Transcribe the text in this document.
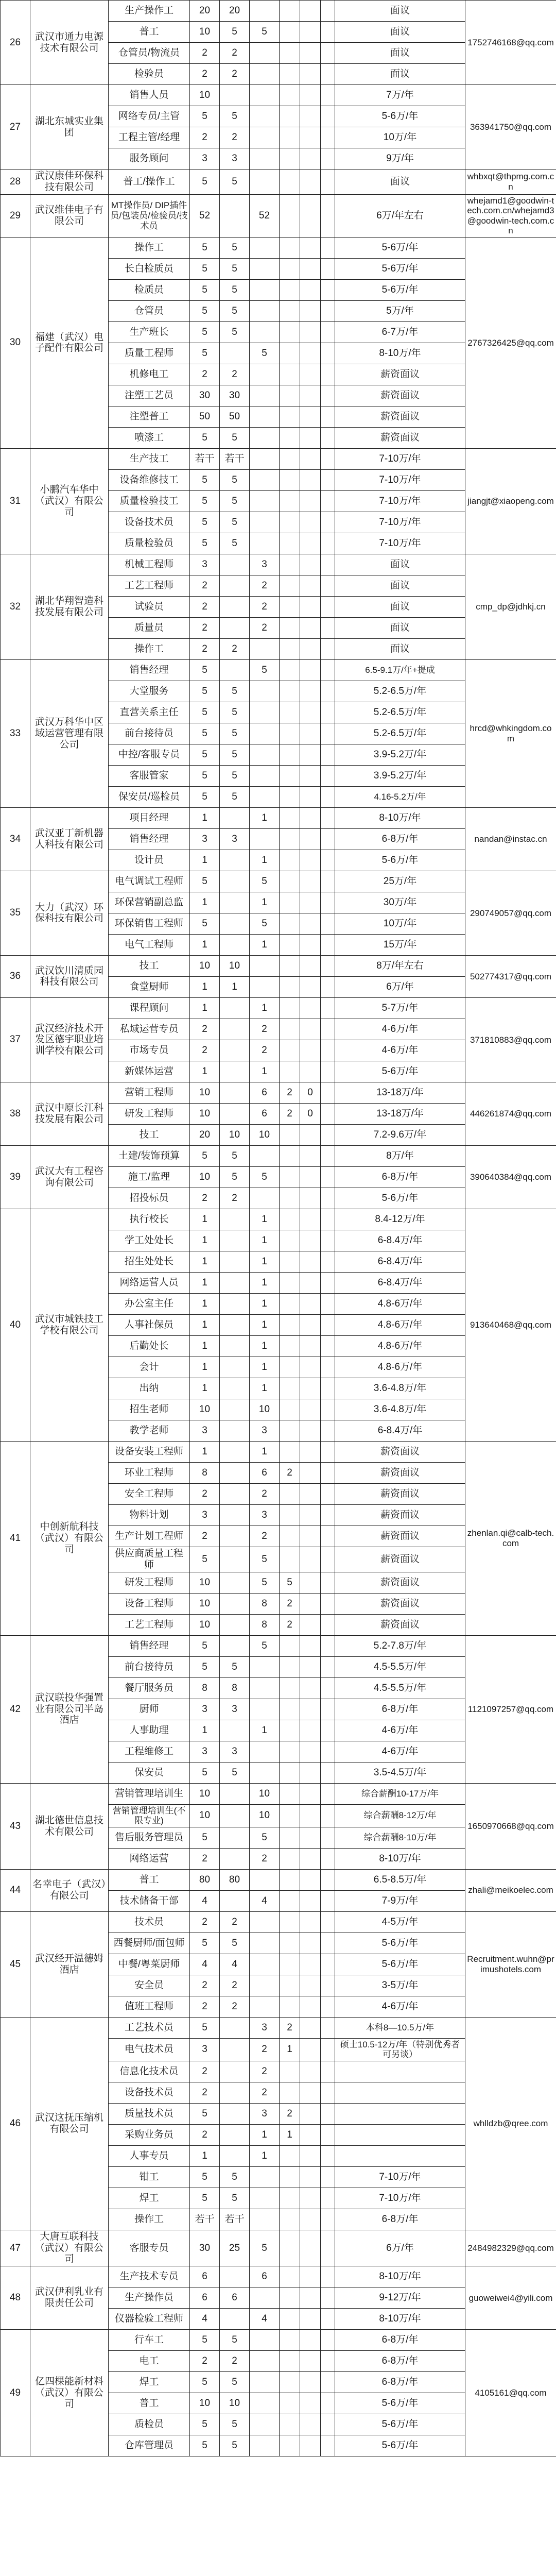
26	武汉市通力电源技术有限公司	生产操作工	20	20					面议	1752746168@qq.com
		普工	10	5	5				面议	
		仓管员/物流员	2	2					面议	
		检验员	2	2					面议	
27	湖北东城实业集团	销售人员	10						7万/年	363941750@qq.com
		网络专员/主管	5	5					5-6万/年	
		工程主管/经理	2	2					10万/年	
		服务顾问	3	3					9万/年	
28	武汉康佳环保科技有限公司	普工/操作工	5	5					面议	whbxqt@thpmg.com.cn
29	武汉维佳电子有限公司	MT操作员/ DIP插件员/包装员/检验员/技术员	52		52				6万/年左右	whejamd1@goodwin-tech.com.cn/whejamd3@goodwin-tech.com.cn
30	福建（武汉）电子配件有限公司	操作工	5	5					5-6万/年	2767326425@qq.com
		长白检质员	5	5					5-6万/年	
		检质员	5	5					5-6万/年	
		仓管员	5	5					5万/年	
		生产班长	5	5					6-7万/年	
		质量工程师	5		5				8-10万/年	
		机修电工	2	2					薪资面议	
		注塑工艺员	30	30					薪资面议	
		注塑普工	50	50					薪资面议	
		喷漆工	5	5					薪资面议	
31	小鹏汽车华中（武汉）有限公司	生产技工	若干	若干					7-10万/年	jiangjt@xiaopeng.com
		设备维修技工	5	5					7-10万/年	
		质量检验技工	5	5					7-10万/年	
		设备技术员	5	5					7-10万/年	
		质量检验员	5	5					7-10万/年	
32	湖北华翔智造科技发展有限公司	机械工程师	3		3				面议	cmp_dp@jdhkj.cn
		工艺工程师	2		2				面议	
		试验员	2		2				面议	
		质量员	2		2				面议	
		操作工	2	2					面议	
33	武汉万科华中区域运营管理有限公司	销售经理	5		5				6.5-9.1万/年+提成	hrcd@whkingdom.com
		大堂服务	5	5					5.2-6.5万/年	
		直营关系主任	5	5					5.2-6.5万/年	
		前台接待员	5	5					5.2-6.5万/年	
		中控/客服专员	5	5					3.9-5.2万/年	
		客服管家	5	5					3.9-5.2万/年	
		保安员/巡检员	5	5					4.16-5.2万/年	
34	武汉亚丁新机器人科技有限公司	项目经理	1		1				8-10万/年	nandan@instac.cn
		销售经理	3	3					6-8万/年	
		设计员	1		1				5-6万/年	
35	大力（武汉）环保科技有限公司	电气调试工程师	5		5				25万/年	290749057@qq.com
		环保营销副总监	1		1				30万/年	
		环保销售工程师	5		5				10万/年	
		电气工程师	1		1				15万/年	
36	武汉饮川清质园科技有限公司	技工	10	10					8万/年左右	502774317@qq.com
		食堂厨师	1	1					6万/年	
37	武汉经济技术开发区德宇职业培训学校有限公司	课程顾问	1		1				5-7万/年	371810883@qq.com
		私域运营专员	2		2				4-6万/年	
		市场专员	2		2				4-6万/年	
		新媒体运营	1		1				5-6万/年	
38	武汉中原长江科技发展有限公司	营销工程师	10		6	2	0		13-18万/年	446261874@qq.com
		研发工程师	10		6	2	0		13-18万/年	
		技工	20	10	10				7.2-9.6万/年	
39	武汉大有工程咨询有限公司	土建/装饰预算	5	5					8万/年	390640384@qq.com
		施工/监理	10	5	5				6-8万/年	
		招投标员	2	2					5-6万/年	
40	武汉市城铁技工学校有限公司	执行校长	1		1				8.4-12万/年	913640468@qq.com
		学工处处长	1		1				6-8.4万/年	
		招生处处长	1		1				6-8.4万/年	
		网络运营人员	1		1				6-8.4万/年	
		办公室主任	1		1				4.8-6万/年	
		人事社保员	1		1				4.8-6万/年	
		后勤处长	1		1				4.8-6万/年	
		会计	1		1				4.8-6万/年	
		出纳	1		1				3.6-4.8万/年	
		招生老师	10		10				3.6-4.8万/年	
		教学老师	3		3				6-8.4万/年	
41	中创新航科技（武汉）有限公司	设备安装工程师	1		1				薪资面议	zhenlan.qi@calb-tech.com
		环业工程师	8		6	2			薪资面议	
		安全工程师	2		2				薪资面议	
		物料计划	3		3				薪资面议	
		生产计划工程师	2		2				薪资面议	
		供应商质量工程师	5		5				薪资面议	
		研发工程师	10		5	5			薪资面议	
		设备工程师	10		8	2			薪资面议	
		工艺工程师	10		8	2			薪资面议	
42	武汉联投华强置业有限公司半岛酒店	销售经理	5		5				5.2-7.8万/年	1121097257@qq.com
		前台接待员	5	5					4.5-5.5万/年	
		餐厅服务员	8	8					4.5-5.5万/年	
		厨师	3	3					6-8万/年	
		人事助理	1		1				4-6万/年	
		工程维修工	3	3					4-6万/年	
		保安员	5	5					3.5-4.5万/年	
43	湖北德世信息技术有限公司	营销管理培训生	10		10				综合薪酬10-17万/年	1650970668@qq.com
		营销管理培训生(不限专业)	10		10				综合薪酬8-12万/年	
		售后服务管理员	5		5				综合薪酬8-10万/年	
		网络运营	2		2				8-10万/年	
44	名幸电子（武汉）有限公司	普工	80	80					6.5-8.5万/年	zhali@meikoelec.com
		技术储备干部	4		4				7-9万/年	
45	武汉经开温德姆酒店	技术员	2	2					4-5万/年	Recruitment.wuhn@primushotels.com
		西餐厨师/面包师	5	5					5-6万/年	
		中餐/粤菜厨师	4	4					5-6万/年	
		安全员	2	2					3-5万/年	
		值班工程师	2	2					4-6万/年	
46	武汉这抚压缩机有限公司	工艺技术员	5		3	2			本科8—10.5万/年	whlldzb@qree.com
		电气技术员	3		2	1			硕士10.5-12万/年（特别优秀者可另谈）	
		信息化技术员	2		2					
		设备技术员	2		2					
		质量技术员	5		3	2				
		采购业务员	2		1	1				
		人事专员	1		1					
		钳工	5	5					7-10万/年	
		焊工	5	5					7-10万/年	
		操作工	若干	若干					6-8万/年	
47	大唐互联科技（武汉）有限公司	客服专员	30	25	5				6万/年	2484982329@qq.com
48	武汉伊利乳业有限责任公司	生产技术专员	6		6				8-10万/年	guoweiwei4@yili.com
		生产操作员	6	6					9-12万/年	
		仪器检验工程师	4		4				8-10万/年	
49	亿四棵能新材料（武汉）有限公司	行车工	5	5					6-8万/年	4105161@qq.com
		电工	2	2					6-8万/年	
		焊工	5	5					6-8万/年	
		普工	10	10					5-6万/年	
		质检员	5	5					5-6万/年	
		仓库管理员	5	5					5-6万/年	
